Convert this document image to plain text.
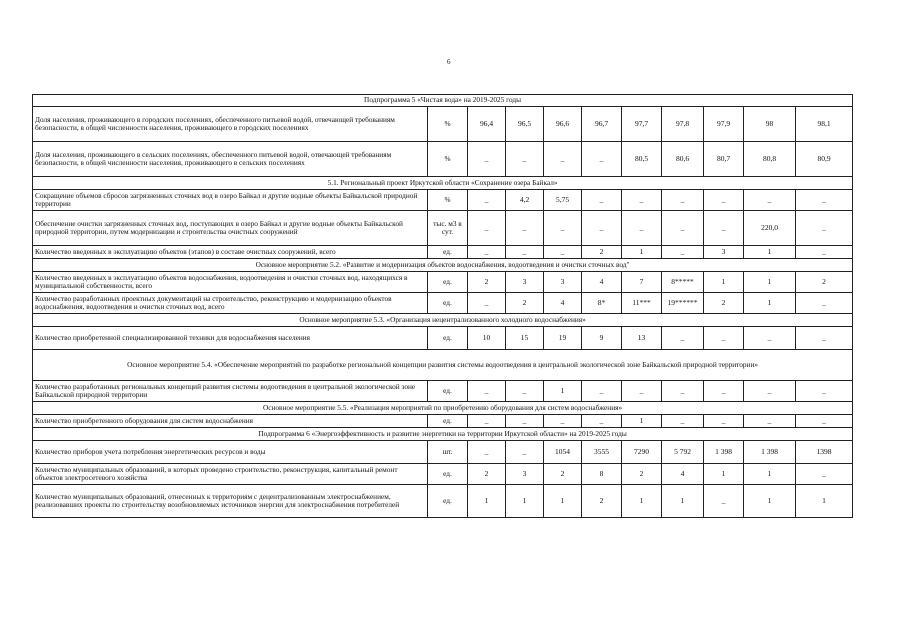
6
Подпрограмма 5 «Чистая вода» на 2019-2025 годы										
Доля населения, проживающего в городских поселениях, обеспеченного питьевой водой, отвечающей требованиям безопасности, в общей численности населения, проживающего в городских поселениях	%	96,4	96,5	96,6	96,7	97,7	97,8	97,9	98	98,1
Доля населения, проживающего в сельских поселениях, обеспеченного питьевой водой, отвечающей требованиям безопасности, в общей численности населения, проживающего в сельских поселениях	%	_	_	_	_	80,5	80,6	80,7	80,8	80,9
5.1. Региональный проект Иркутской области «Сохранение озера Байкал»										
Сокращение объемов сбросов загрязненных сточных вод в озеро Байкал и другие водные объекты Байкальской природной территории	%	_	4,2	5,75	_	_	_	_	_	_
Обеспечение очистки загрязненных сточных вод, поступающих в озеро Байкал и другие водные объекты Байкальской природной территории, путем модернизации и строительства очистных сооружений	тыс. м3 в сут.	_	_	_	_	_	_	_	220,0	_
Количество введенных в эксплуатацию объектов (этапов) в составе очистных сооружений, всего	ед.	_	_	_	2	1	_	3	1	_
Основное мероприятие 5.2. «Развитие и модернизация объектов водоснабжения, водоотведения и очистки сточных вод"										
Количество введенных в эксплуатацию объектов водоснабжения, водоотведения и очистки сточных вод, находящихся в муниципальной собственности, всего	ед.	2	3	3	4	7	8*****	1	1	2
Количество разработанных проектных документаций на строительство, реконструкцию и модернизацию объектов водоснабжения, водоотведения и очистки сточных вод, всего	ед.	_	2	4	8*	11***	19******	2	1	_
Основное мероприятие 5.3. «Организация нецентрализованного холодного водоснабжения»										
Количество приобретенной специализированной техники для водоснабжения населения	ед.	10	15	19	9	13	_	_	_	_
Основное мероприятие 5.4. «Обеспечение мероприятий по разработке региональной концепции развития системы водоотведения в центральной экологической зоне Байкальской природной территории»										
Количество разработанных региональных концепций развития системы водоотведения в центральной экологической зоне Байкальской природной территории	ед.	_	_	1	_	_	_	_	_	_
Основное мероприятие 5.5. «Реализация мероприятий по приобретению оборудования для систем водоснабжения»										
Количество приобретенного оборудования для систем водоснабжения	ед.	_	_	_	_	1	_	_	_	_
Подпрограмма 6 «Энергоэффективность и развитие энергетики на территории Иркутской области» на 2019-2025 годы										
Количество приборов учета потребления энергетических ресурсов и воды	шт.	_	_	1054	3555	7290	5 792	1 398	1 398	1398
Количество муниципальных образований, в которых проведено строительство, реконструкция, капитальный ремонт объектов электросетевого хозяйства	ед.	2	3	2	8	2	4	1	1	_
Количество муниципальных образований, отнесенных к территориям с децентрализованным электроснабжением, реализовавших проекты по строительству возобновляемых источников энергии для электроснабжения потребителей	ед.	1	1	1	2	1	1	_	1	1
